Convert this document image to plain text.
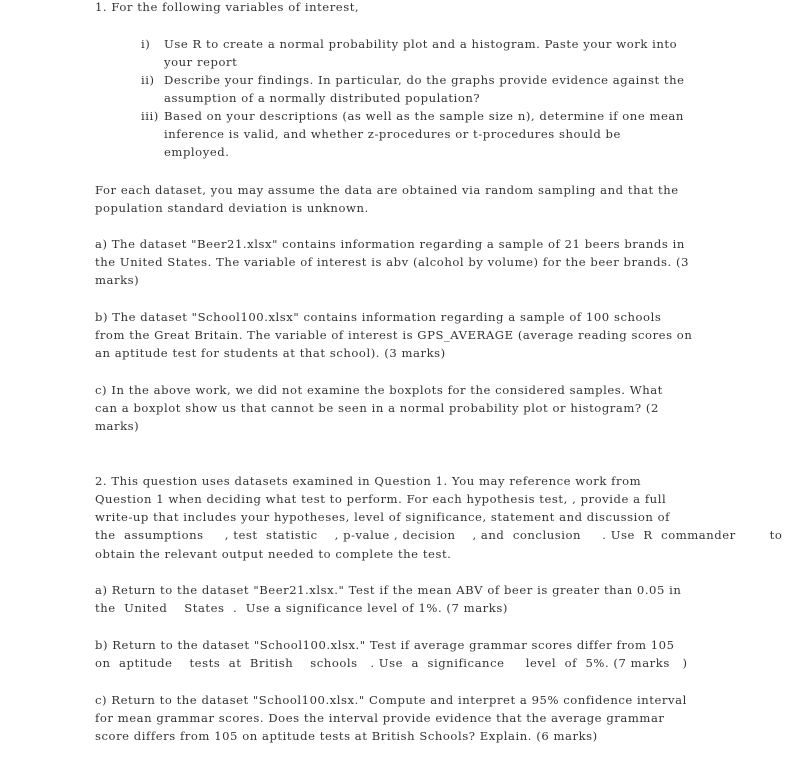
1. For the following variables of interest,
i) Use R to create a normal probability plot and a histogram. Paste your work into
your report
ii) Describe your findings. In particular, do the graphs provide evidence against the
assumption of a normally distributed population?
iii) Based on your descriptions (as well as the sample size n), determine if one mean
inference is valid, and whether z-procedures or t-procedures should be
employed.
For each dataset, you may assume the data are obtained via random sampling and that the
population standard deviation is unknown.
a) The dataset "Beer21.xlsx" contains information regarding a sample of 21 beers brands in
the United States. The variable of interest is abv (alcohol by volume) for the beer brands. (3
marks)
b) The dataset "School100.xlsx" contains information regarding a sample of 100 schools
from the Great Britain. The variable of interest is GPS_AVERAGE (average reading scores on
an aptitude test for students at that school). (3 marks)
c) In the above work, we did not examine the boxplots for the considered samples. What
can a boxplot show us that cannot be seen in a normal probability plot or histogram? (2
marks)
2. This question uses datasets examined in Question 1. You may reference work from
Question 1 when deciding what test to perform. For each hypothesis test, , provide a full
write-up that includes your hypotheses, level of significance, statement and discussion of
the  assumptions     , test  statistic    , p-value , decision    , and  conclusion     . Use  R  commander        to
obtain the relevant output needed to complete the test.
a) Return to the dataset "Beer21.xlsx." Test if the mean ABV of beer is greater than 0.05 in
the  United    States  .  Use a significance level of 1%. (7 marks)
b) Return to the dataset "School100.xlsx." Test if average grammar scores differ from 105
on  aptitude    tests  at  British    schools   . Use  a  significance     level  of  5%. (7 marks   )
c) Return to the dataset "School100.xlsx." Compute and interpret a 95% confidence interval
for mean grammar scores. Does the interval provide evidence that the average grammar
score differs from 105 on aptitude tests at British Schools? Explain. (6 marks)
